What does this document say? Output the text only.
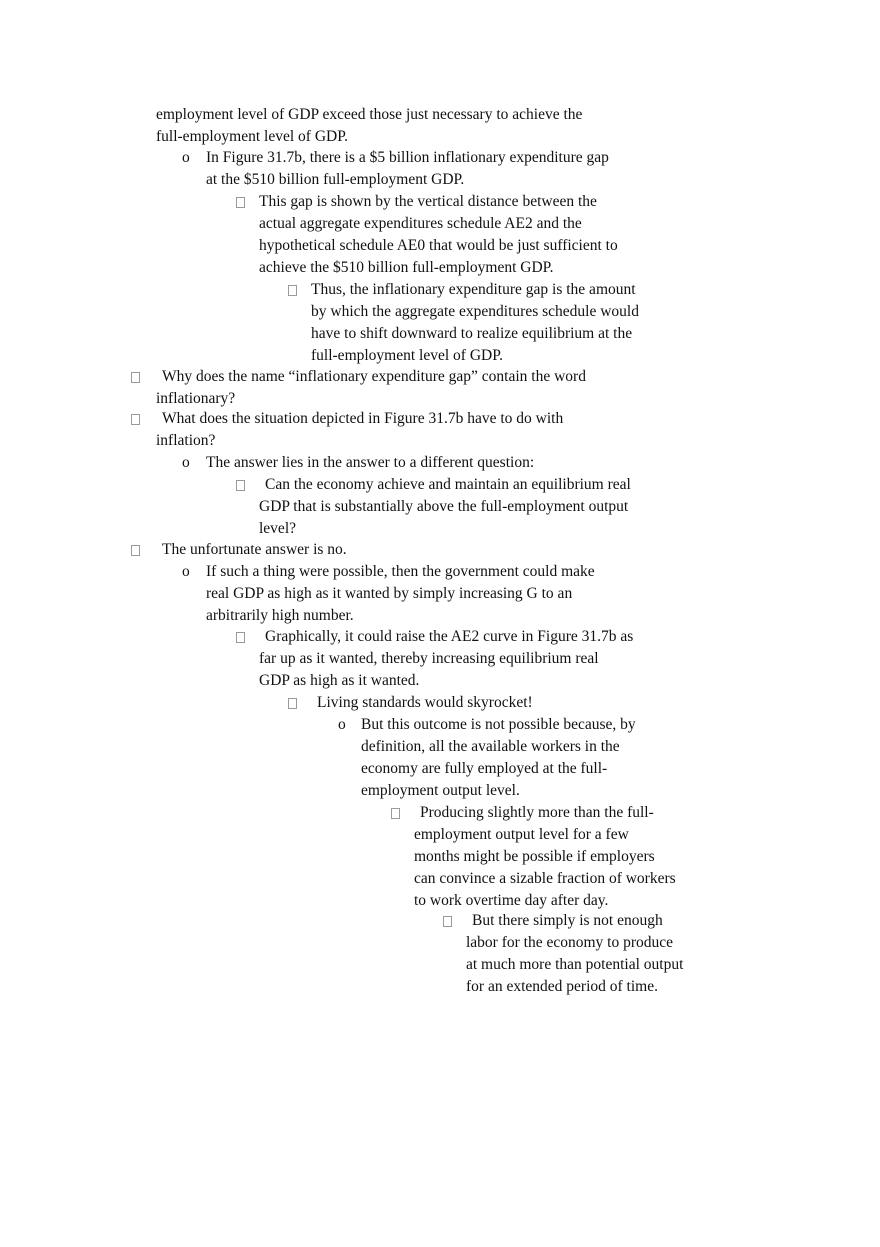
employment level of GDP exceed those just necessary to achieve the
full-employment level of GDP.
o In Figure 31.7b, there is a $5 billion inflationary expenditure gap
at the $510 billion full-employment GDP.
This gap is shown by the vertical distance between the
actual aggregate expenditures schedule AE2 and the
hypothetical schedule AE0 that would be just sufficient to
achieve the $510 billion full-employment GDP.
Thus, the inflationary expenditure gap is the amount
by which the aggregate expenditures schedule would
have to shift downward to realize equilibrium at the
full-employment level of GDP.
Why does the name “inflationary expenditure gap” contain the word
inflationary?
What does the situation depicted in Figure 31.7b have to do with
inflation?
o The answer lies in the answer to a different question:
Can the economy achieve and maintain an equilibrium real
GDP that is substantially above the full-employment output
level?
The unfortunate answer is no.
o If such a thing were possible, then the government could make
real GDP as high as it wanted by simply increasing G to an
arbitrarily high number.
Graphically, it could raise the AE2 curve in Figure 31.7b as
far up as it wanted, thereby increasing equilibrium real
GDP as high as it wanted.
Living standards would skyrocket!
o But this outcome is not possible because, by
definition, all the available workers in the
economy are fully employed at the full-
employment output level.
Producing slightly more than the full-
employment output level for a few
months might be possible if employers
can convince a sizable fraction of workers
to work overtime day after day.
But there simply is not enough
labor for the economy to produce
at much more than potential output
for an extended period of time.
